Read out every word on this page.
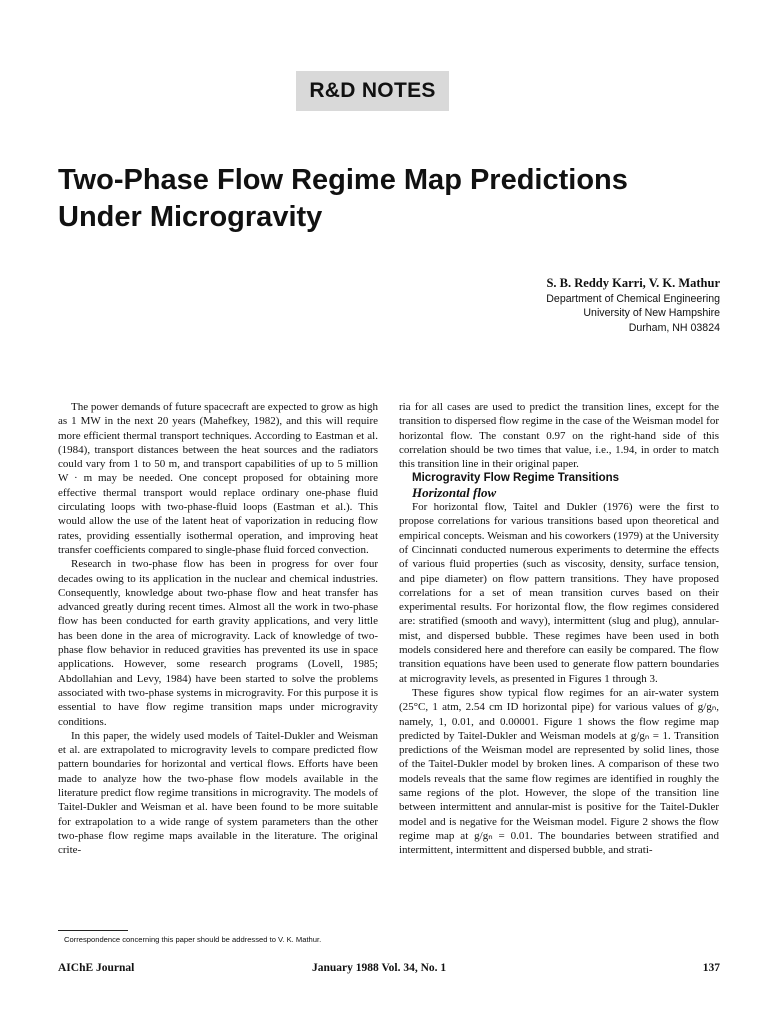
R&D NOTES
Two-Phase Flow Regime Map Predictions
Under Microgravity
S. B. Reddy Karri, V. K. Mathur
Department of Chemical Engineering
University of New Hampshire
Durham, NH 03824

The power demands of future spacecraft are expected to grow as high as 1 MW in the next 20 years (Mahefkey, 1982), and this will require more efficient thermal transport techniques. According to Eastman et al. (1984), transport distances between the heat sources and the radiators could vary from 1 to 50 m, and transport capabilities of up to 5 million W · m may be needed. One concept proposed for obtaining more effective thermal transport would replace ordinary one-phase fluid circulating loops with two-phase-fluid loops (Eastman et al.). This would allow the use of the latent heat of vaporization in reducing flow rates, providing essentially isothermal operation, and improving heat transfer coefficients compared to single-phase fluid forced convection.

Research in two-phase flow has been in progress for over four decades owing to its application in the nuclear and chemical industries. Consequently, knowledge about two-phase flow and heat transfer has advanced greatly during recent times. Almost all the work in two-phase flow has been conducted for earth gravity applications, and very little has been done in the area of microgravity. Lack of knowledge of two-phase flow behavior in reduced gravities has prevented its use in space applications. However, some research programs (Lovell, 1985; Abdollahian and Levy, 1984) have been started to solve the problems associated with two-phase systems in microgravity. For this purpose it is essential to have flow regime transition maps under microgravity conditions.

In this paper, the widely used models of Taitel-Dukler and Weisman et al. are extrapolated to microgravity levels to compare predicted flow pattern boundaries for horizontal and vertical flows. Efforts have been made to analyze how the two-phase flow models available in the literature predict flow regime transitions in microgravity. The models of Taitel-Dukler and Weisman et al. have been found to be more suitable for extrapolation to a wide range of system parameters than the other two-phase flow regime maps available in the literature. The original crite-

ria for all cases are used to predict the transition lines, except for the transition to dispersed flow regime in the case of the Weisman model for horizontal flow. The constant 0.97 on the right-hand side of this correlation should be two times that value, i.e., 1.94, in order to match this transition line in their original paper.

Microgravity Flow Regime Transitions

Horizontal flow

For horizontal flow, Taitel and Dukler (1976) were the first to propose correlations for various transitions based upon theoretical and empirical concepts. Weisman and his coworkers (1979) at the University of Cincinnati conducted numerous experiments to determine the effects of various fluid properties (such as viscosity, density, surface tension, and pipe diameter) on flow pattern transitions. They have proposed correlations for a set of mean transition curves based on their experimental results. For horizontal flow, the flow regimes considered are: stratified (smooth and wavy), intermittent (slug and plug), annular-mist, and dispersed bubble. These regimes have been used in both models considered here and therefore can easily be compared. The flow transition equations have been used to generate flow pattern boundaries at microgravity levels, as presented in Figures 1 through 3.

These figures show typical flow regimes for an air-water system (25°C, 1 atm, 2.54 cm ID horizontal pipe) for various values of g/gₙ, namely, 1, 0.01, and 0.00001. Figure 1 shows the flow regime map predicted by Taitel-Dukler and Weisman models at g/gₙ = 1. Transition predictions of the Weisman model are represented by solid lines, those of the Taitel-Dukler model by broken lines. A comparison of these two models reveals that the same flow regimes are identified in roughly the same regions of the plot. However, the slope of the transition line between intermittent and annular-mist is positive for the Taitel-Dukler model and is negative for the Weisman model. Figure 2 shows the flow regime map at g/gₙ = 0.01. The boundaries between stratified and intermittent, intermittent and dispersed bubble, and strati-

Correspondence concerning this paper should be addressed to V. K. Mathur.
AIChE Journal	January 1988 Vol. 34, No. 1	137
